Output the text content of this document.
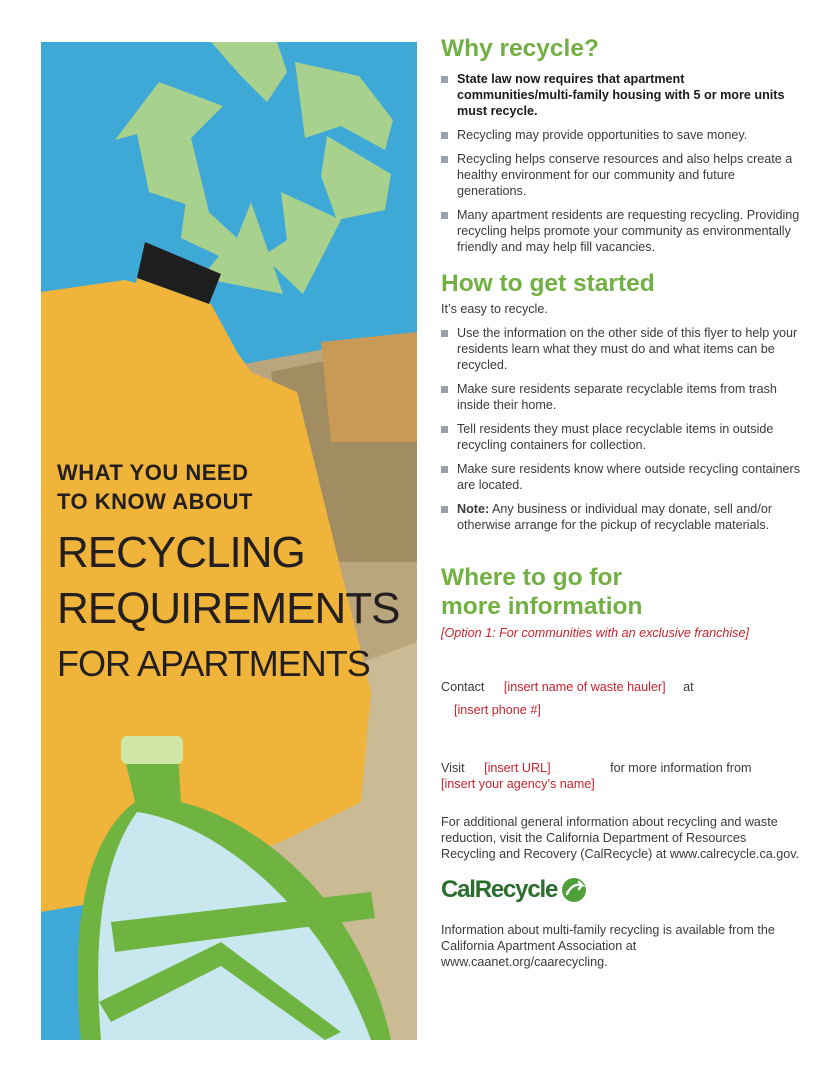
WHAT YOU NEED
TO KNOW ABOUT
RECYCLING
REQUIREMENTS
FOR APARTMENTS
Why recycle?
State law now requires that apartment communities/multi-family housing with 5 or more units must recycle.
Recycling may provide opportunities to save money.
Recycling helps conserve resources and also helps create a healthy environment for our community and future generations.
Many apartment residents are requesting recycling. Providing recycling helps promote your community as environmentally friendly and may help fill vacancies.
How to get started
It’s easy to recycle.
Use the information on the other side of this flyer to help your residents learn what they must do and what items can be recycled.
Make sure residents separate recyclable items from trash inside their home.
Tell residents they must place recyclable items in outside recycling containers for collection.
Make sure residents know where outside recycling containers are located.
Note: Any business or individual may donate, sell and/or otherwise arrange for the pickup of recyclable materials.
Where to go for
more information
[Option 1: For communities with an exclusive franchise]
Contact [insert name of waste hauler] at
[insert phone #]
Visit [insert URL]	for more information from
[insert your agency’s name]
For additional general information about recycling and waste reduction, visit the California Department of Resources Recycling and Recovery (CalRecycle) at www.calrecycle.ca.gov.
CalRecycle
Information about multi-family recycling is available from the California Apartment Association at www.caanet.org/caarecycling.
